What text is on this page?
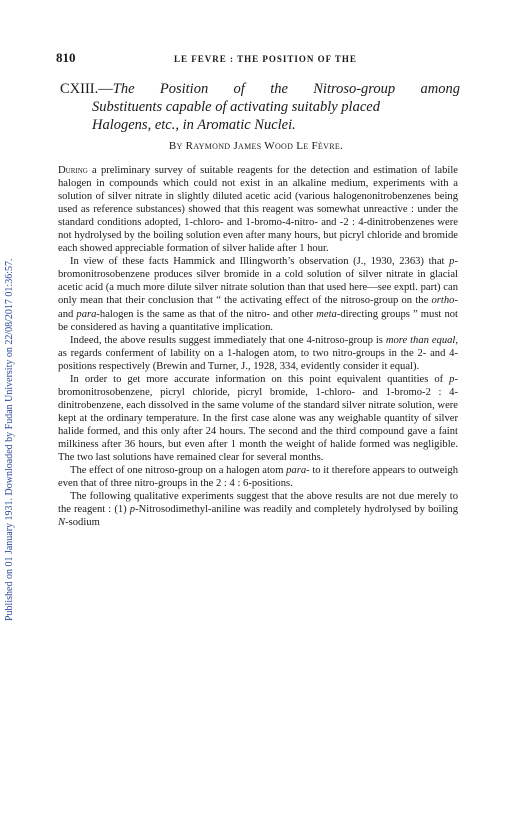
Published on 01 January 1931. Downloaded by Fudan University on 22/08/2017 01:36:57.
810	LE FEVRE : THE POSITION OF THE
CXIII.—The Position of the Nitroso-group among
Substituents capable of activating suitably placed
Halogens, etc., in Aromatic Nuclei.
By Raymond James Wood Le Fèvre.

During a preliminary survey of suitable reagents for the detection and estimation of labile halogen in compounds which could not exist in an alkaline medium, experiments with a solution of silver nitrate in slightly diluted acetic acid (various halogenonitrobenzenes being used as reference substances) showed that this reagent was somewhat unreactive : under the standard conditions adopted, 1-chloro- and 1-bromo-4-nitro- and -2 : 4-dinitrobenzenes were not hydrolysed by the boiling solution even after many hours, but picryl chloride and bromide each showed appreciable formation of silver halide after 1 hour.

In view of these facts Hammick and Illingworth’s observation (J., 1930, 2363) that p-bromonitrosobenzene produces silver bromide in a cold solution of silver nitrate in glacial acetic acid (a much more dilute silver nitrate solution than that used here—see exptl. part) can only mean that their conclusion that “ the activating effect of the nitroso-group on the ortho- and para-halogen is the same as that of the nitro- and other meta-directing groups ” must not be considered as having a quantitative implication.

Indeed, the above results suggest immediately that one 4-nitroso-group is more than equal, as regards conferment of lability on a 1-halogen atom, to two nitro-groups in the 2- and 4-positions respectively (Brewin and Turner, J., 1928, 334, evidently consider it equal).

In order to get more accurate information on this point equivalent quantities of p-bromonitrosobenzene, picryl chloride, picryl bromide, 1-chloro- and 1-bromo-2 : 4-dinitrobenzene, each dissolved in the same volume of the standard silver nitrate solution, were kept at the ordinary temperature. In the first case alone was any weighable quantity of silver halide formed, and this only after 24 hours. The second and the third compound gave a faint milkiness after 36 hours, but even after 1 month the weight of halide formed was negligible. The two last solutions have remained clear for several months.

The effect of one nitroso-group on a halogen atom para- to it therefore appears to outweigh even that of three nitro-groups in the 2 : 4 : 6-positions.

The following qualitative experiments suggest that the above results are not due merely to the reagent : (1) p-Nitrosodimethyl-aniline was readily and completely hydrolysed by boiling N-sodium
